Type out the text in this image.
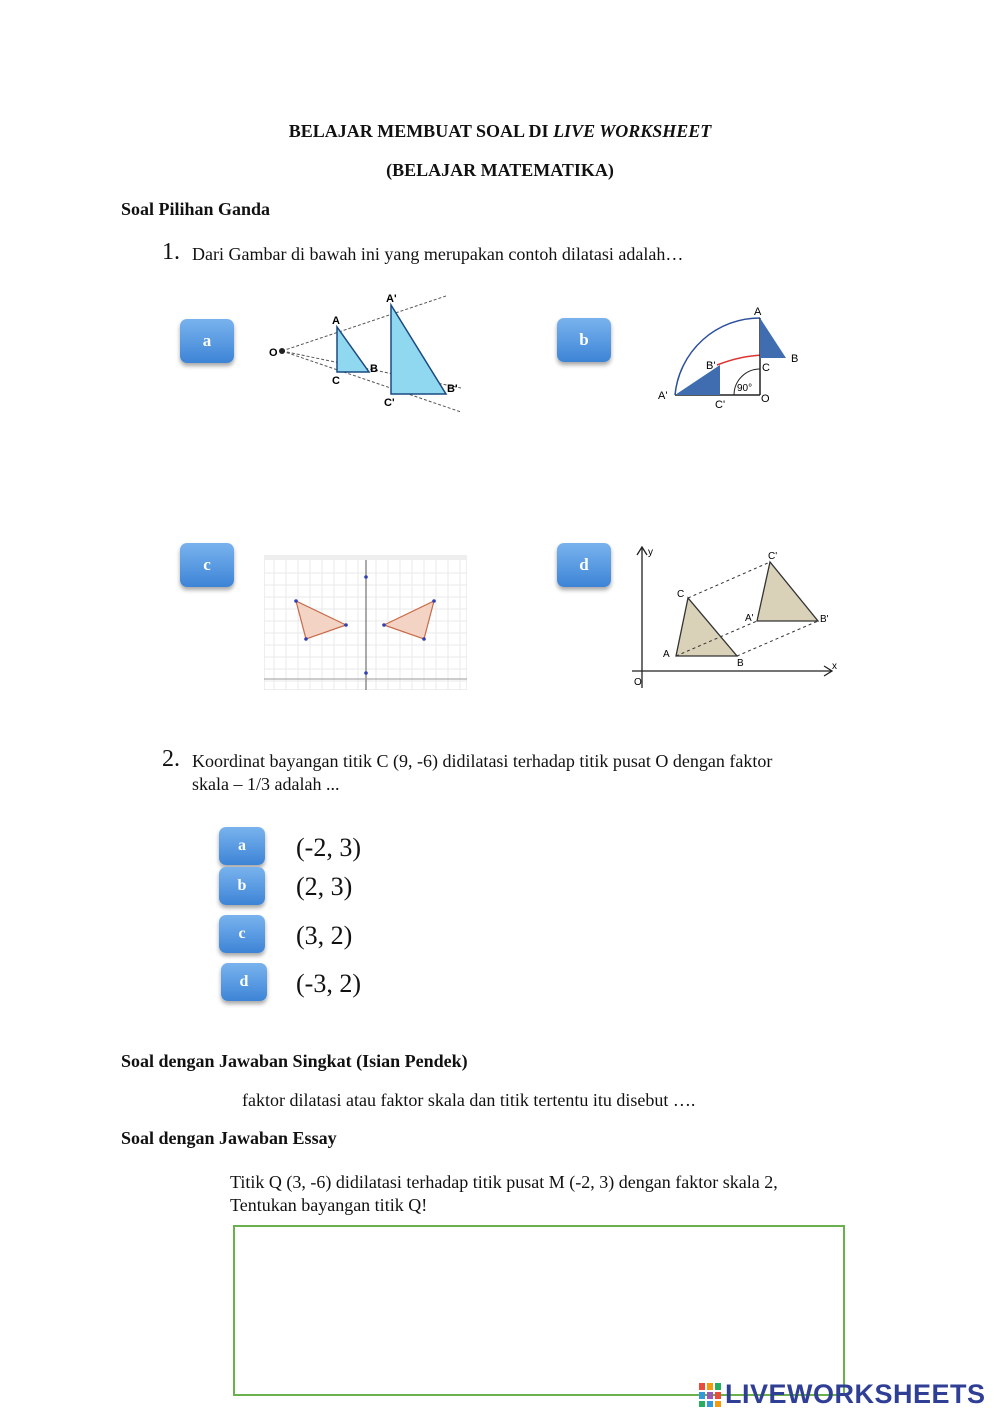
BELAJAR MEMBUAT SOAL DI LIVE WORKSHEET
(BELAJAR MATEMATIKA)
Soal Pilihan Ganda
1. Dari Gambar di bawah ini yang merupakan contoh dilatasi adalah…
a
O
A
B
C
A'
B'
C'
b
A
B
C
O
A'
B'
C'
90°
c	d
y
x
O
A
B
C
A'	B'
C'
2. Koordinat bayangan titik C (9, -6) didilatasi terhadap titik pusat O dengan faktor
skala – 1/3 adalah ...
a	(-2, 3)
b	(2, 3)
c	(3, 2)
d	(-3, 2)
Soal dengan Jawaban Singkat (Isian Pendek)
faktor dilatasi atau faktor skala dan titik tertentu itu disebut ….
Soal dengan Jawaban Essay
Titik Q (3, -6) didilatasi terhadap titik pusat M (-2, 3) dengan faktor skala 2,
Tentukan bayangan titik Q!
LIVEWORKSHEETS
